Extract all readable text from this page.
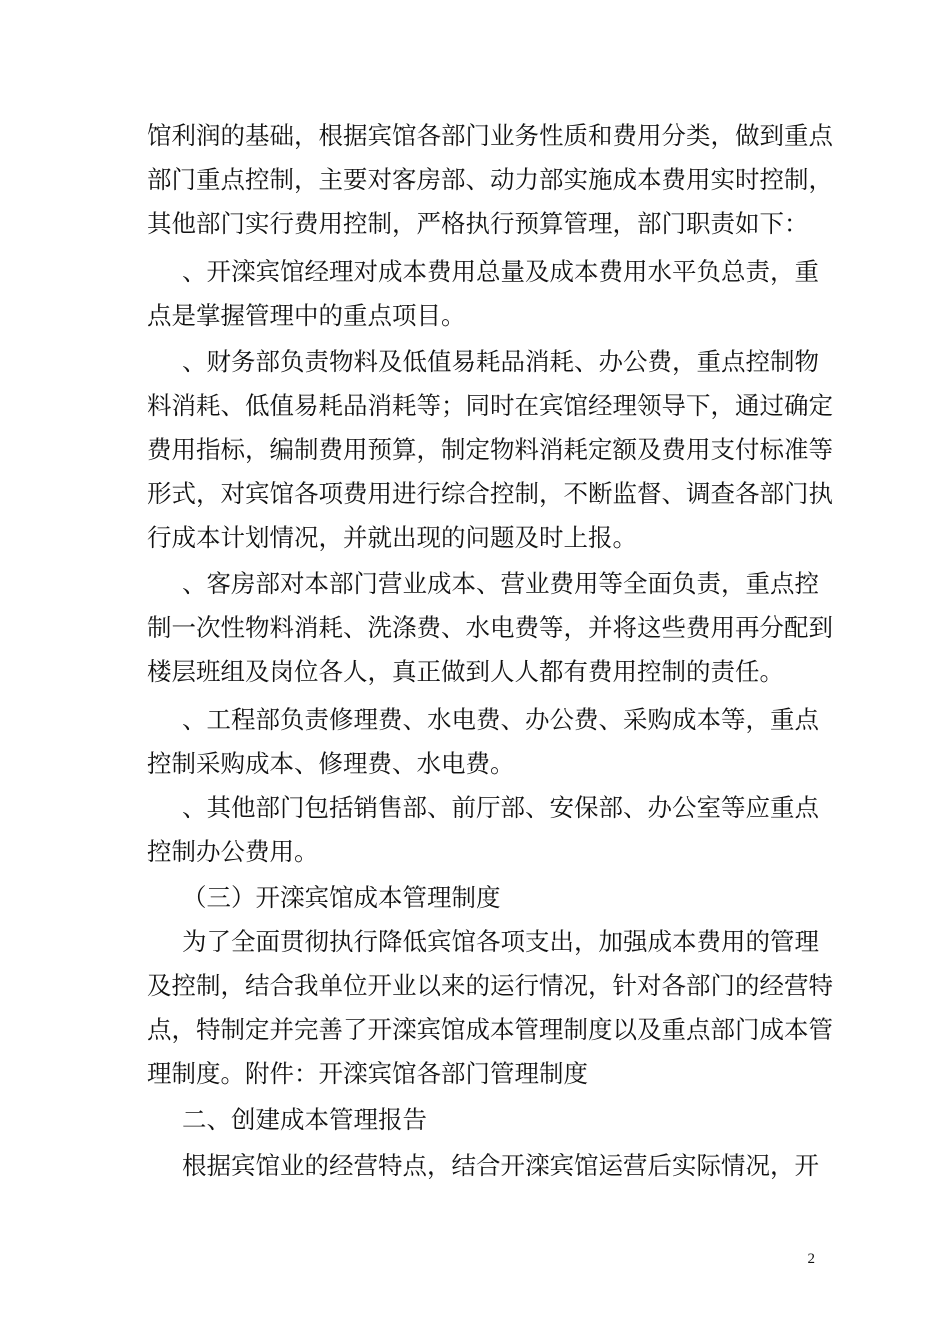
馆利润的基础，根据宾馆各部门业务性质和费用分类，做到重点
部门重点控制，主要对客房部、动力部实施成本费用实时控制，
其他部门实行费用控制，严格执行预算管理，部门职责如下：
、开滦宾馆经理对成本费用总量及成本费用水平负总责，重
点是掌握管理中的重点项目。
、财务部负责物料及低值易耗品消耗、办公费，重点控制物
料消耗、低值易耗品消耗等；同时在宾馆经理领导下，通过确定
费用指标，编制费用预算，制定物料消耗定额及费用支付标准等
形式，对宾馆各项费用进行综合控制，不断监督、调查各部门执
行成本计划情况，并就出现的问题及时上报。
、客房部对本部门营业成本、营业费用等全面负责，重点控
制一次性物料消耗、洗涤费、水电费等，并将这些费用再分配到
楼层班组及岗位各人，真正做到人人都有费用控制的责任。
、工程部负责修理费、水电费、办公费、采购成本等，重点
控制采购成本、修理费、水电费。
、其他部门包括销售部、前厅部、安保部、办公室等应重点
控制办公费用。
（三）开滦宾馆成本管理制度
为了全面贯彻执行降低宾馆各项支出，加强成本费用的管理
及控制，结合我单位开业以来的运行情况，针对各部门的经营特
点，特制定并完善了开滦宾馆成本管理制度以及重点部门成本管
理制度。附件：开滦宾馆各部门管理制度
二、创建成本管理报告
根据宾馆业的经营特点，结合开滦宾馆运营后实际情况，开
2
